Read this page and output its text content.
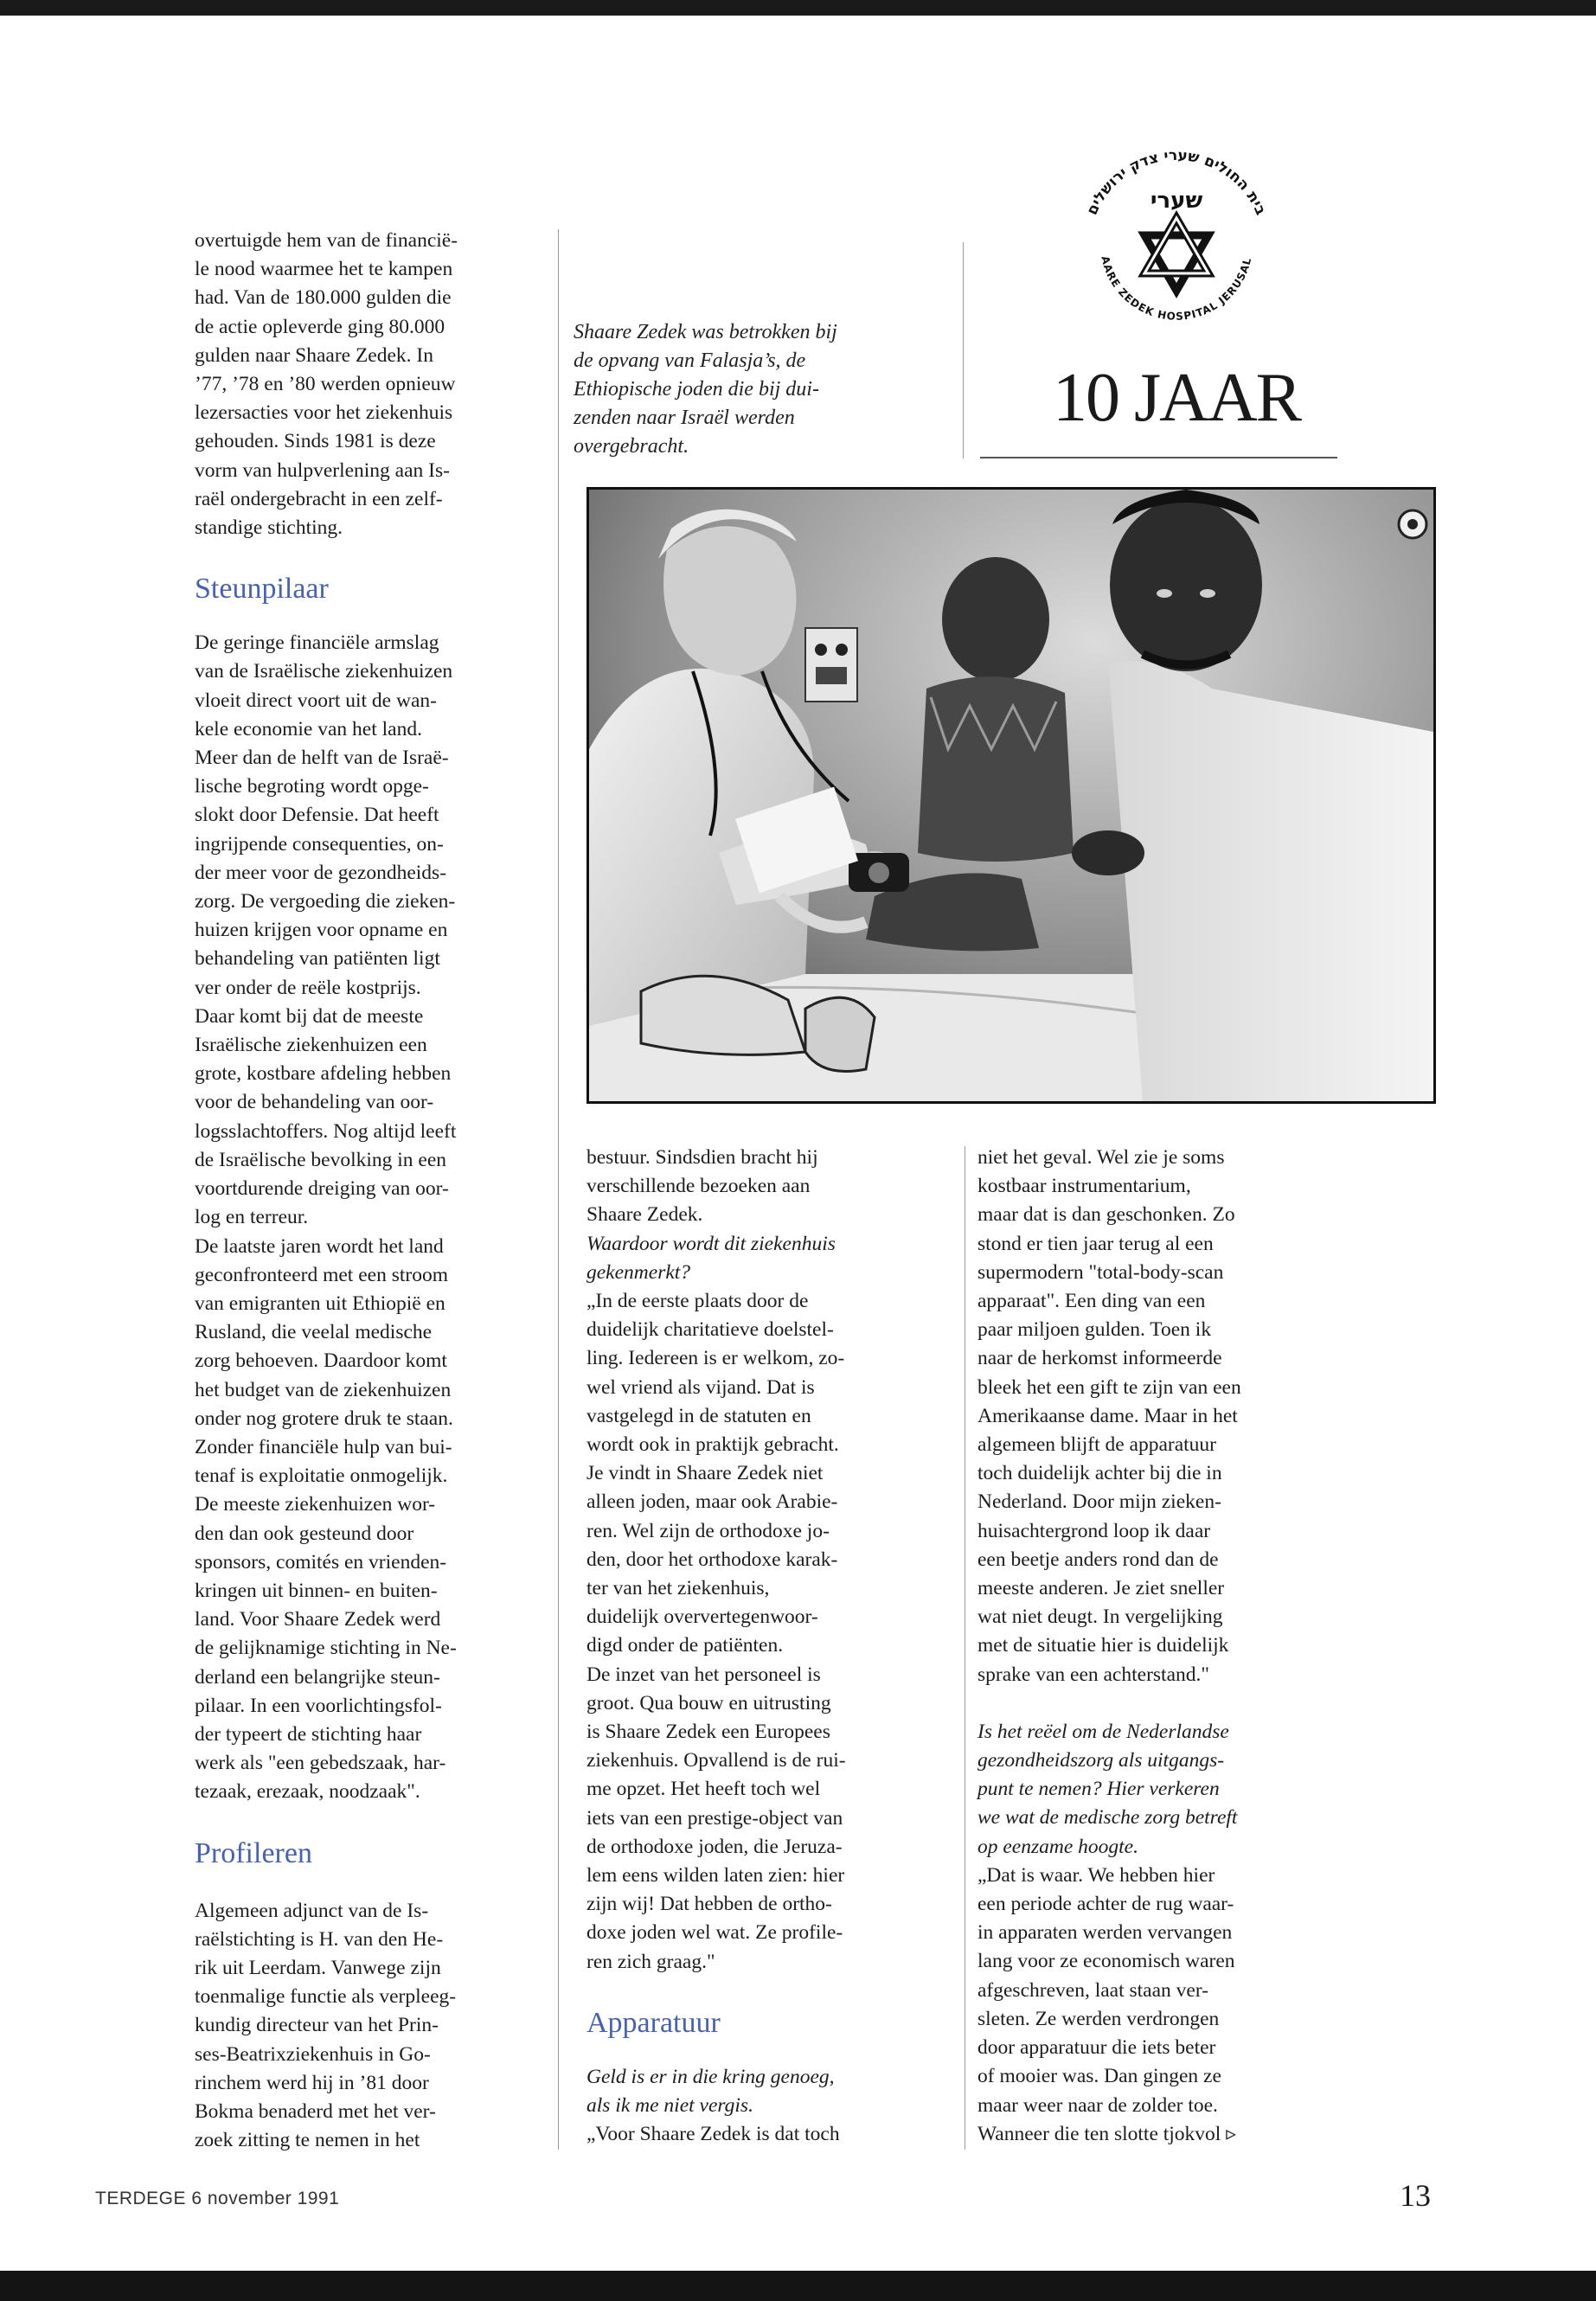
overtuigde hem van de financië-
le nood waarmee het te kampen
had. Van de 180.000 gulden die
de actie opleverde ging 80.000
gulden naar Shaare Zedek. In
’77, ’78 en ’80 werden opnieuw
lezersacties voor het ziekenhuis
gehouden. Sinds 1981 is deze
vorm van hulpverlening aan Is-
raël ondergebracht in een zelf-
standige stichting.

Steunpilaar

De geringe financiële armslag
van de Israëlische ziekenhuizen
vloeit direct voort uit de wan-
kele economie van het land.
Meer dan de helft van de Israë-
lische begroting wordt opge-
slokt door Defensie. Dat heeft
ingrijpende consequenties, on-
der meer voor de gezondheids-
zorg. De vergoeding die zieken-
huizen krijgen voor opname en
behandeling van patiënten ligt
ver onder de reële kostprijs.
Daar komt bij dat de meeste
Israëlische ziekenhuizen een
grote, kostbare afdeling hebben
voor de behandeling van oor-
logsslachtoffers. Nog altijd leeft
de Israëlische bevolking in een
voortdurende dreiging van oor-
log en terreur.
De laatste jaren wordt het land
geconfronteerd met een stroom
van emigranten uit Ethiopië en
Rusland, die veelal medische
zorg behoeven. Daardoor komt
het budget van de ziekenhuizen
onder nog grotere druk te staan.
Zonder financiële hulp van bui-
tenaf is exploitatie onmogelijk.
De meeste ziekenhuizen wor-
den dan ook gesteund door
sponsors, comités en vrienden-
kringen uit binnen- en buiten-
land. Voor Shaare Zedek werd
de gelijknamige stichting in Ne-
derland een belangrijke steun-
pilaar. In een voorlichtingsfol-
der typeert de stichting haar
werk als "een gebedszaak, har-
tezaak, erezaak, noodzaak".

Profileren

Algemeen adjunct van de Is-
raëlstichting is H. van den He-
rik uit Leerdam. Vanwege zijn
toenmalige functie als verpleeg-
kundig directeur van het Prin-
ses-Beatrixziekenhuis in Go-
rinchem werd hij in ’81 door
Bokma benaderd met het ver-
zoek zitting te nemen in het

Shaare Zedek was betrokken bij
de opvang van Falasja’s, de
Ethiopische joden die bij dui-
zenden naar Israël werden
overgebracht.
בית החולים שערי צדק ירושלים
AARE ZEDEK HOSPITAL JERUSAL
שערי
10 JAAR

bestuur. Sindsdien bracht hij
verschillende bezoeken aan
Shaare Zedek.

Waardoor wordt dit ziekenhuis
gekenmerkt?

„In de eerste plaats door de
duidelijk charitatieve doelstel-
ling. Iedereen is er welkom, zo-
wel vriend als vijand. Dat is
vastgelegd in de statuten en
wordt ook in praktijk gebracht.
Je vindt in Shaare Zedek niet
alleen joden, maar ook Arabie-
ren. Wel zijn de orthodoxe jo-
den, door het orthodoxe karak-
ter van het ziekenhuis,
duidelijk oververtegenwoor-
digd onder de patiënten.
De inzet van het personeel is
groot. Qua bouw en uitrusting
is Shaare Zedek een Europees
ziekenhuis. Opvallend is de rui-
me opzet. Het heeft toch wel
iets van een prestige-object van
de orthodoxe joden, die Jeruza-
lem eens wilden laten zien: hier
zijn wij! Dat hebben de ortho-
doxe joden wel wat. Ze profile-
ren zich graag."

Apparatuur

Geld is er in die kring genoeg,
als ik me niet vergis.

„Voor Shaare Zedek is dat toch

niet het geval. Wel zie je soms
kostbaar instrumentarium,
maar dat is dan geschonken. Zo
stond er tien jaar terug al een
supermodern "total-body-scan
apparaat". Een ding van een
paar miljoen gulden. Toen ik
naar de herkomst informeerde
bleek het een gift te zijn van een
Amerikaanse dame. Maar in het
algemeen blijft de apparatuur
toch duidelijk achter bij die in
Nederland. Door mijn zieken-
huisachtergrond loop ik daar
een beetje anders rond dan de
meeste anderen. Je ziet sneller
wat niet deugt. In vergelijking
met de situatie hier is duidelijk
sprake van een achterstand."

Is het reëel om de Nederlandse
gezondheidszorg als uitgangs-
punt te nemen? Hier verkeren
we wat de medische zorg betreft
op eenzame hoogte.

„Dat is waar. We hebben hier
een periode achter de rug waar-
in apparaten werden vervangen
lang voor ze economisch waren
afgeschreven, laat staan ver-
sleten. Ze werden verdrongen
door apparatuur die iets beter
of mooier was. Dan gingen ze
maar weer naar de zolder toe.
Wanneer die ten slotte tjokvol ▹

TERDEGE 6 november 1991	13
